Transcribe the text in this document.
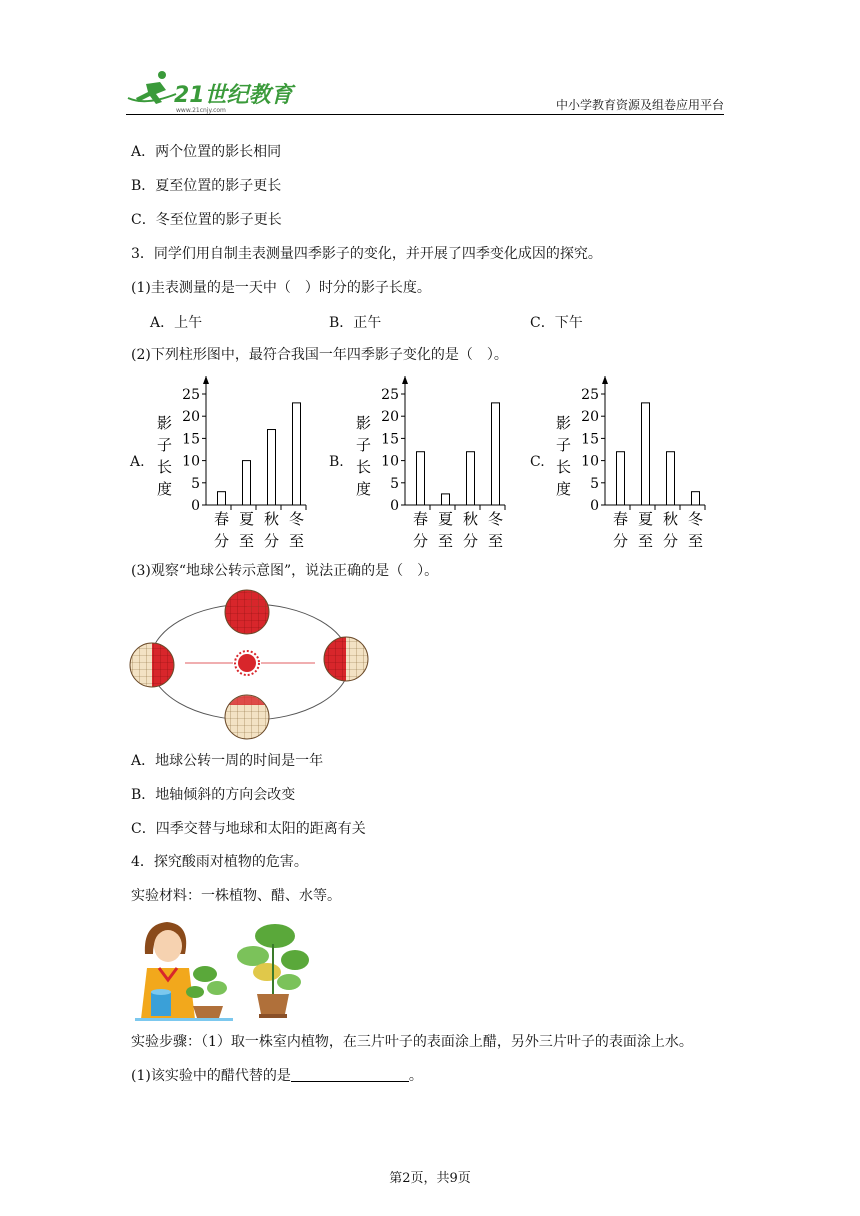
21世纪教育
www.21cnjy.com	中小学教育资源及组卷应用平台
A．两个位置的影长相同
B．夏至位置的影子更长
C．冬至位置的影子更长
3．同学们用自制圭表测量四季影子的变化，并开展了四季变化成因的探究。
(1)圭表测量的是一天中（　）时分的影子长度。
A．上午	B．正午	C．下午
(2)下列柱形图中，最符合我国一年四季影子变化的是（　）。
A.	B.	C.
影
子
长
度
0
5
10
15
20
25
春
分
夏
至
秋
分
冬
至
影
子
长
度
0
5
10
15
20
25
春
分
夏
至
秋
分
冬
至
影
子
长
度
0
5
10
15
20
25
春
分
夏
至
秋
分
冬
至
(3)观察“地球公转示意图”，说法正确的是（　）。
A．地球公转一周的时间是一年
B．地轴倾斜的方向会改变
C．四季交替与地球和太阳的距离有关
4．探究酸雨对植物的危害。
实验材料：一株植物、醋、水等。
实验步骤：（1）取一株室内植物，在三片叶子的表面涂上醋，另外三片叶子的表面涂上水。
(1)该实验中的醋代替的是	。
第2页，共9页
